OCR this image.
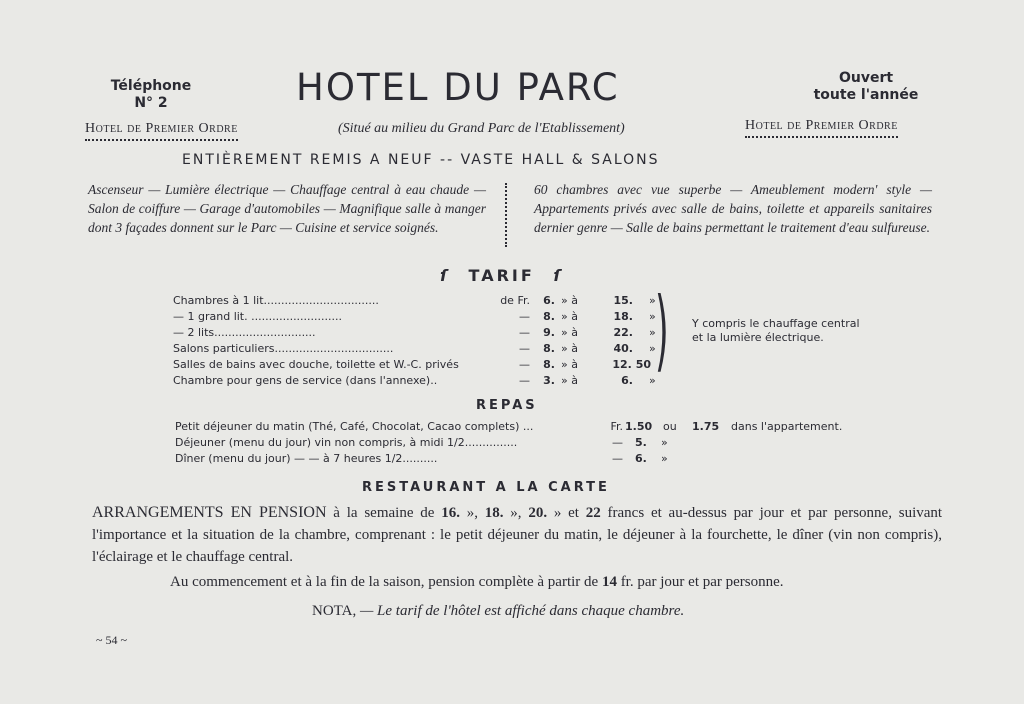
Téléphone
N° 2	HOTEL DU PARC	Ouvert
toute l'année
Hotel de Premier Ordre	(Situé au milieu du Grand Parc de l'Etablissement)	Hotel de Premier Ordre
ENTIÈREMENT REMIS A NEUF -- VASTE HALL & SALONS
Ascenseur — Lumière électrique — Chauffage central à eau chaude — Salon de coiffure — Garage d'automobiles — Magnifique salle à manger dont 3 façades donnent sur le Parc — Cuisine et service soignés.
60 chambres avec vue superbe — Ameublement modern' style — Appartements privés avec salle de bains, toilette et appareils sanitaires dernier genre — Salle de bains permettant le traitement d'eau sulfureuse.
ſ TARIF ſ
Chambres à 1 lit.................................	de Fr.	6. » à	15. »
— 1 grand lit. ..........................	—	8. » à	18. »
— 2 lits.............................	—	9. » à	22. »
Salons particuliers..................................	—	8. » à	40. »
Salles de bains avec douche, toilette et W.-C. privés	—	8. » à	12. 50
Chambre pour gens de service (dans l'annexe)..	—	3. » à	6. » ) Y compris le chauffage central et la lumière électrique.
REPAS
Petit déjeuner du matin (Thé, Café, Chocolat, Cacao complets) ...	Fr. 1.50 ou 1.75 dans l'appartement.
Déjeuner (menu du jour) vin non compris, à midi 1/2...............	— 5. »
Dîner (menu du jour) — — à 7 heures 1/2..........	— 6. »
RESTAURANT A LA CARTE
ARRANGEMENTS EN PENSION à la semaine de 16. », 18. », 20. » et 22 francs et au-dessus par jour et par personne, suivant l'importance et la situation de la chambre, comprenant : le petit déjeuner du matin, le déjeuner à la fourchette, le dîner (vin non compris), l'éclairage et le chauffage central.
Au commencement et à la fin de la saison, pension complète à partir de 14 fr. par jour et par personne.
NOTA, — Le tarif de l'hôtel est affiché dans chaque chambre.
~ 54 ~
